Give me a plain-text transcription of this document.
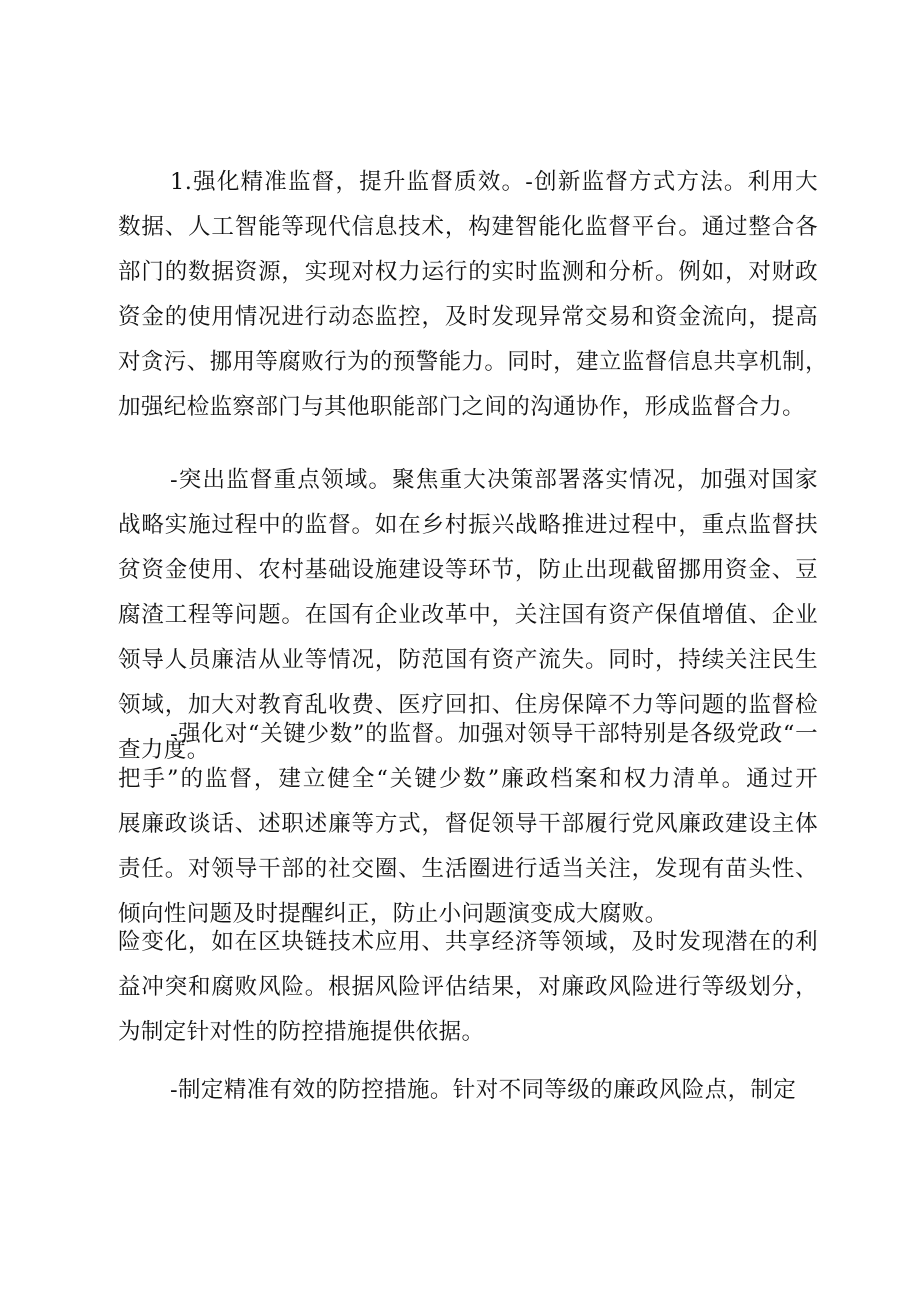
1.强化精准监督，提升监督质效。-创新监督方式方法。利用大
数据、人工智能等现代信息技术，构建智能化监督平台。通过整合各
部门的数据资源，实现对权力运行的实时监测和分析。例如，对财政
资金的使用情况进行动态监控，及时发现异常交易和资金流向，提高
对贪污、挪用等腐败行为的预警能力。同时，建立监督信息共享机制，
加强纪检监察部门与其他职能部门之间的沟通协作，形成监督合力。
-突出监督重点领域。聚焦重大决策部署落实情况，加强对国家
战略实施过程中的监督。如在乡村振兴战略推进过程中，重点监督扶
贫资金使用、农村基础设施建设等环节，防止出现截留挪用资金、豆
腐渣工程等问题。在国有企业改革中，关注国有资产保值增值、企业
领导人员廉洁从业等情况，防范国有资产流失。同时，持续关注民生
领域，加大对教育乱收费、医疗回扣、住房保障不力等问题的监督检
查力度。
-强化对“关键少数”的监督。加强对领导干部特别是各级党政“一
把手”的监督，建立健全“关键少数”廉政档案和权力清单。通过开
展廉政谈话、述职述廉等方式，督促领导干部履行党风廉政建设主体
责任。对领导干部的社交圈、生活圈进行适当关注，发现有苗头性、
倾向性问题及时提醒纠正，防止小问题演变成大腐败。
险变化，如在区块链技术应用、共享经济等领域，及时发现潜在的利
益冲突和腐败风险。根据风险评估结果，对廉政风险进行等级划分，
为制定针对性的防控措施提供依据。
-制定精准有效的防控措施。针对不同等级的廉政风险点，制定
